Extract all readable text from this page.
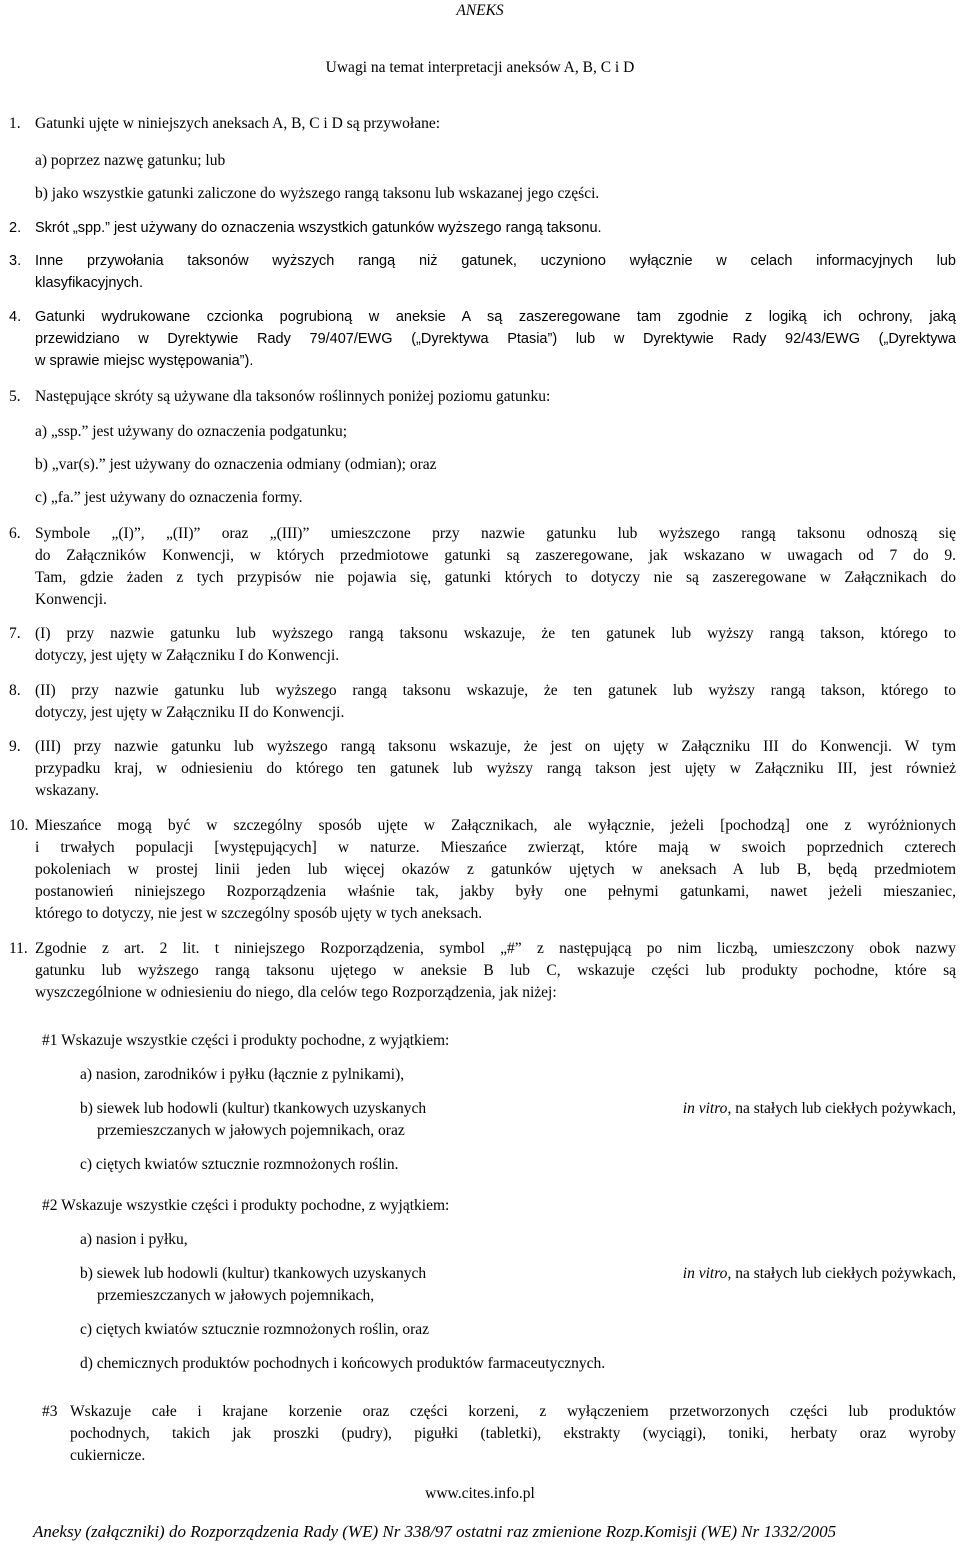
ANEKS
Uwagi na temat interpretacji aneksów A, B, C i D
1. Gatunki ujęte w niniejszych aneksach A, B, C i D są przywołane:
a) poprzez nazwę gatunku; lub
b) jako wszystkie gatunki zaliczone do wyższego rangą taksonu lub wskazanej jego części.
2. Skrót „spp.” jest używany do oznaczenia wszystkich gatunków wyższego rangą taksonu.
3. Inne przywołania taksonów wyższych rangą niż gatunek, uczyniono wyłącznie w celach informacyjnych lub
klasyfikacyjnych.
4. Gatunki wydrukowane czcionka pogrubioną w aneksie A są zaszeregowane tam zgodnie z logiką ich ochrony, jaką
przewidziano w Dyrektywie Rady 79/407/EWG („Dyrektywa Ptasia”) lub w Dyrektywie Rady 92/43/EWG („Dyrektywa
w sprawie miejsc występowania”).
5. Następujące skróty są używane dla taksonów roślinnych poniżej poziomu gatunku:
a) „ssp.” jest używany do oznaczenia podgatunku;
b) „var(s).” jest używany do oznaczenia odmiany (odmian); oraz
c) „fa.” jest używany do oznaczenia formy.
6. Symbole „(I)”, „(II)” oraz „(III)” umieszczone przy nazwie gatunku lub wyższego rangą taksonu odnoszą się
do Załączników Konwencji, w których przedmiotowe gatunki są zaszeregowane, jak wskazano w uwagach od 7 do 9.
Tam, gdzie żaden z tych przypisów nie pojawia się, gatunki których to dotyczy nie są zaszeregowane w Załącznikach do
Konwencji.
7. (I) przy nazwie gatunku lub wyższego rangą taksonu wskazuje, że ten gatunek lub wyższy rangą takson, którego to
dotyczy, jest ujęty w Załączniku I do Konwencji.
8. (II) przy nazwie gatunku lub wyższego rangą taksonu wskazuje, że ten gatunek lub wyższy rangą takson, którego to
dotyczy, jest ujęty w Załączniku II do Konwencji.
9. (III) przy nazwie gatunku lub wyższego rangą taksonu wskazuje, że jest on ujęty w Załączniku III do Konwencji. W tym
przypadku kraj, w odniesieniu do którego ten gatunek lub wyższy rangą takson jest ujęty w Załączniku III, jest również
wskazany.
10. Mieszańce mogą być w szczególny sposób ujęte w Załącznikach, ale wyłącznie, jeżeli [pochodzą] one z wyróżnionych
i trwałych populacji [występujących] w naturze. Mieszańce zwierząt, które mają w swoich poprzednich czterech
pokoleniach w prostej linii jeden lub więcej okazów z gatunków ujętych w aneksach A lub B, będą przedmiotem
postanowień niniejszego Rozporządzenia właśnie tak, jakby były one pełnymi gatunkami, nawet jeżeli mieszaniec,
którego to dotyczy, nie jest w szczególny sposób ujęty w tych aneksach.
11. Zgodnie z art. 2 lit. t niniejszego Rozporządzenia, symbol „#” z następującą po nim liczbą, umieszczony obok nazwy
gatunku lub wyższego rangą taksonu ujętego w aneksie B lub C, wskazuje części lub produkty pochodne, które są
wyszczególnione w odniesieniu do niego, dla celów tego Rozporządzenia, jak niżej:
#1 Wskazuje wszystkie części i produkty pochodne, z wyjątkiem:
a) nasion, zarodników i pyłku (łącznie z pylnikami),
b) siewek lub hodowli (kultur) tkankowych uzyskanych	in vitro, na stałych lub ciekłych pożywkach,
przemieszczanych w jałowych pojemnikach, oraz
c) ciętych kwiatów sztucznie rozmnożonych roślin.
#2 Wskazuje wszystkie części i produkty pochodne, z wyjątkiem:
a) nasion i pyłku,
b) siewek lub hodowli (kultur) tkankowych uzyskanych	in vitro, na stałych lub ciekłych pożywkach,
przemieszczanych w jałowych pojemnikach,
c) ciętych kwiatów sztucznie rozmnożonych roślin, oraz
d) chemicznych produktów pochodnych i końcowych produktów farmaceutycznych.
#3 Wskazuje całe i krajane korzenie oraz części korzeni, z wyłączeniem przetworzonych części lub produktów
pochodnych, takich jak proszki (pudry), pigułki (tabletki), ekstrakty (wyciągi), toniki, herbaty oraz wyroby
cukiernicze.
www.cites.info.pl
Aneksy (załączniki) do Rozporządzenia Rady (WE) Nr 338/97 ostatni raz zmienione Rozp.Komisji (WE) Nr 1332/2005
